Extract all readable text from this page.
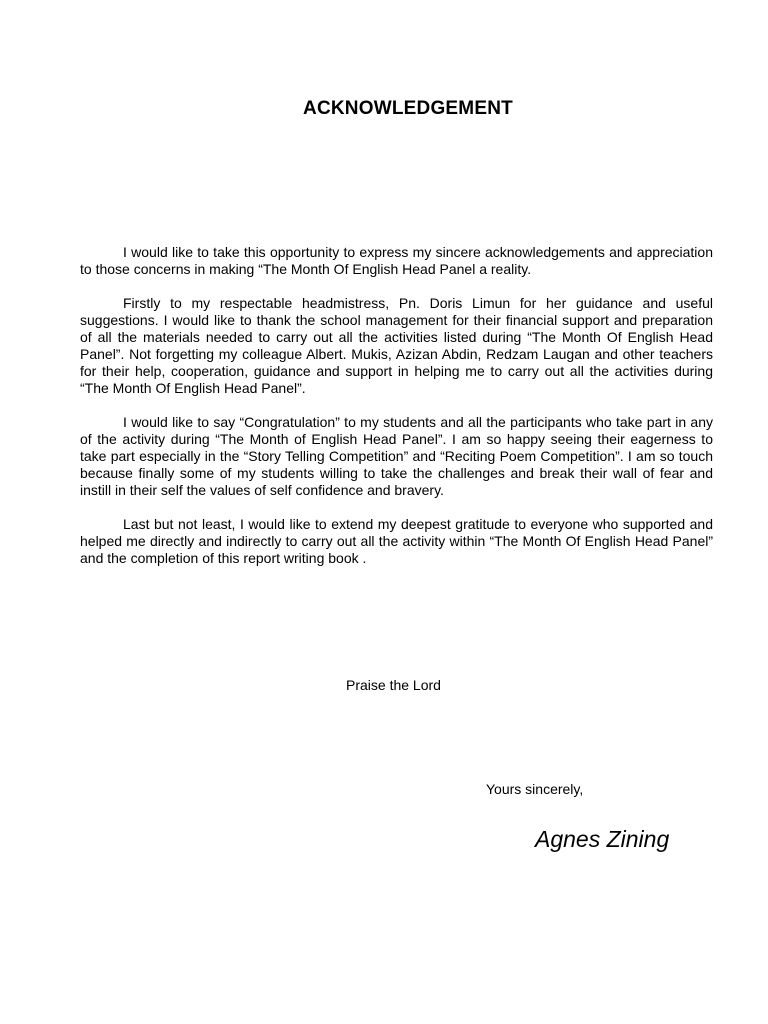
ACKNOWLEDGEMENT

I would like to take this opportunity to express my sincere acknowledgements and appreciation to those concerns in making “The Month Of English Head Panel a reality.

Firstly to my respectable headmistress, Pn. Doris Limun for her guidance and useful suggestions. I would like to thank the school management for their financial support and preparation of all the materials needed to carry out all the activities listed during “The Month Of English Head Panel”. Not forgetting my colleague Albert. Mukis, Azizan Abdin, Redzam Laugan and other teachers for their help, cooperation, guidance and support in helping me to carry out all the activities during “The Month Of English Head Panel”.

I would like to say “Congratulation” to my students and all the participants who take part in any of the activity during “The Month of English Head Panel”. I am so happy seeing their eagerness to take part especially in the “Story Telling Competition” and “Reciting Poem Competition”. I am so touch because finally some of my students willing to take the challenges and break their wall of fear and instill in their self the values of self confidence and bravery.

Last but not least, I would like to extend my deepest gratitude to everyone who supported and helped me directly and indirectly to carry out all the activity within “The Month Of English Head Panel” and the completion of this report writing book .

Praise the Lord
Yours sincerely,
Agnes Zining
